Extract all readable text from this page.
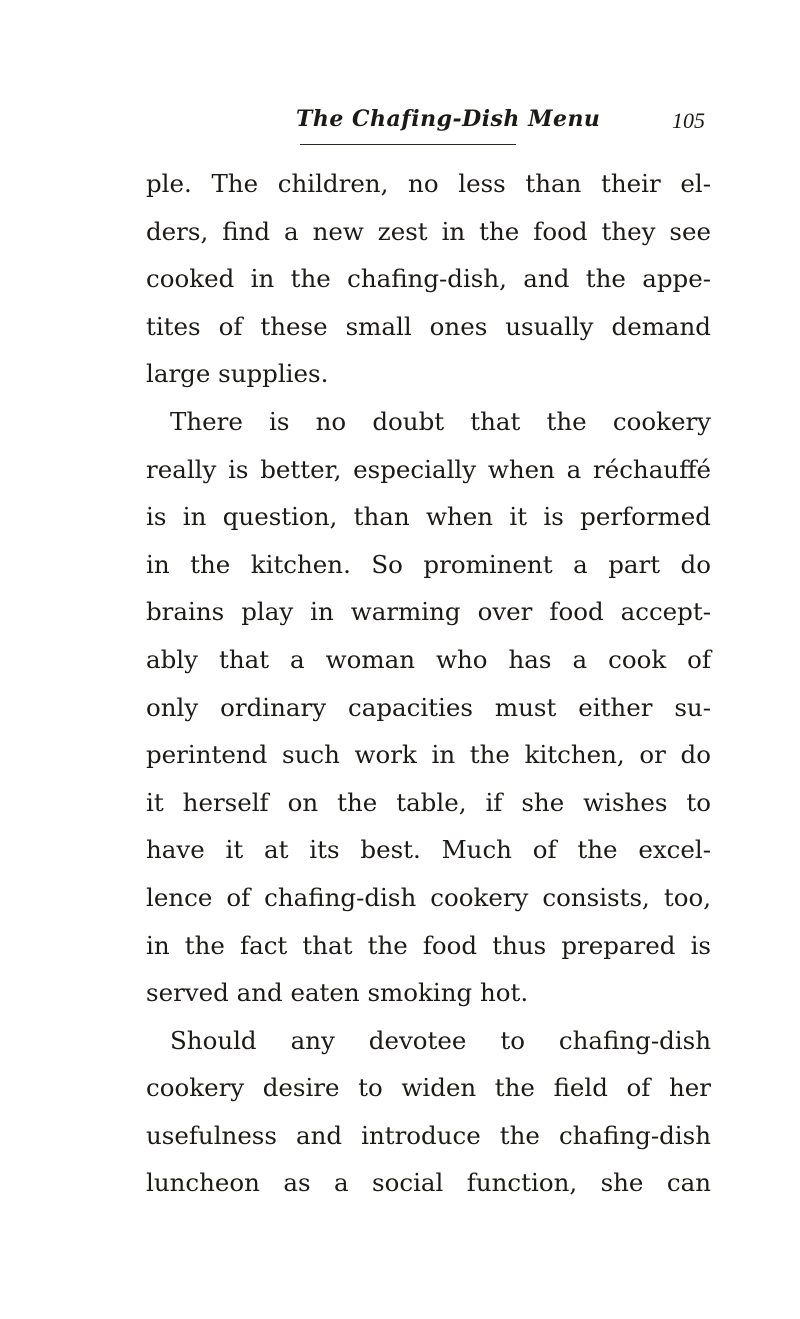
The Chafing-Dish Menu	105
ple. The children, no less than their el-
ders, find a new zest in the food they see
cooked in the chafing-dish, and the appe-
tites of these small ones usually demand
large supplies.
There is no doubt that the cookery
really is better, especially when a réchauffé
is in question, than when it is performed
in the kitchen. So prominent a part do
brains play in warming over food accept-
ably that a woman who has a cook of
only ordinary capacities must either su-
perintend such work in the kitchen, or do
it herself on the table, if she wishes to
have it at its best. Much of the excel-
lence of chafing-dish cookery consists, too,
in the fact that the food thus prepared is
served and eaten smoking hot.
Should any devotee to chafing-dish
cookery desire to widen the field of her
usefulness and introduce the chafing-dish
luncheon as a social function, she can
